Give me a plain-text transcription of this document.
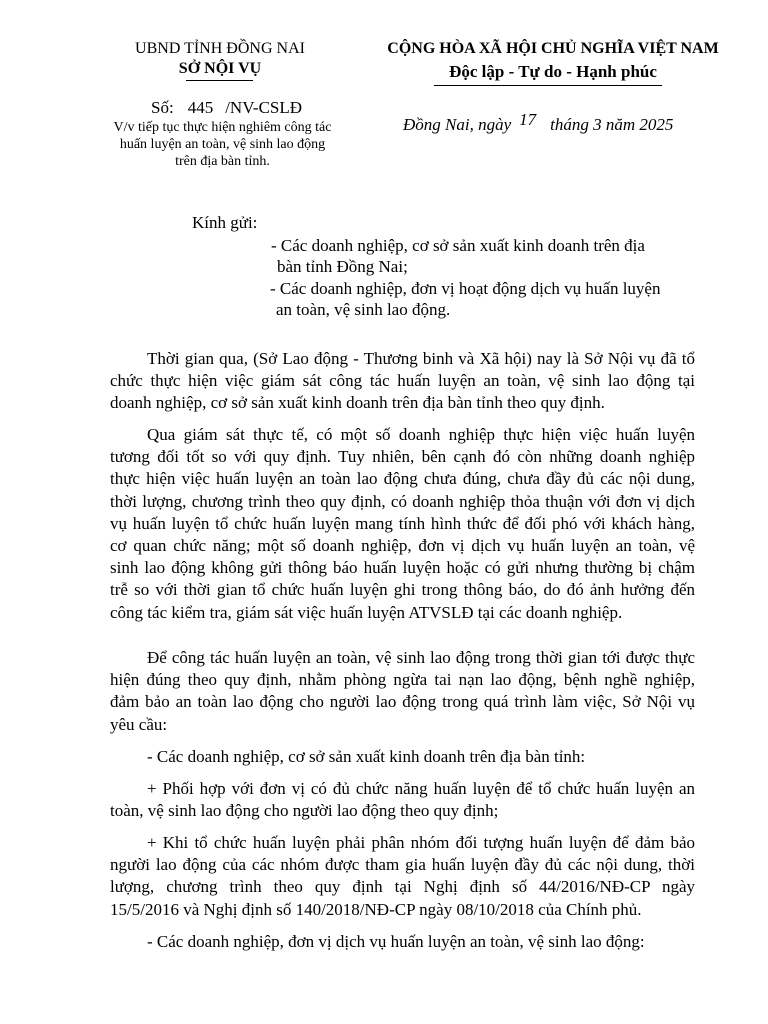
UBND TỈNH ĐỒNG NAI
SỞ NỘI VỤ
CỘNG HÒA XÃ HỘI CHỦ NGHĨA VIỆT NAM
Độc lập - Tự do - Hạnh phúc
Số: 445 /NV-CSLĐ
V/v tiếp tục thực hiện nghiêm công tác
huấn luyện an toàn, vệ sinh lao động
trên địa bàn tỉnh.
Đồng Nai, ngày 17 tháng 3 năm 2025
Kính gửi:
- Các doanh nghiệp, cơ sở sản xuất kinh doanh trên địa
bàn tỉnh Đồng Nai;
- Các doanh nghiệp, đơn vị hoạt động dịch vụ huấn luyện
an toàn, vệ sinh lao động.
Thời gian qua, (Sở Lao động - Thương binh và Xã hội) nay là Sở Nội vụ đã tổ
chức thực hiện việc giám sát công tác huấn luyện an toàn, vệ sinh lao động tại
doanh nghiệp, cơ sở sản xuất kinh doanh trên địa bàn tỉnh theo quy định.
Qua giám sát thực tế, có một số doanh nghiệp thực hiện việc huấn luyện
tương đối tốt so với quy định. Tuy nhiên, bên cạnh đó còn những doanh nghiệp
thực hiện việc huấn luyện an toàn lao động chưa đúng, chưa đầy đủ các nội dung,
thời lượng, chương trình theo quy định, có doanh nghiệp thỏa thuận với đơn vị dịch
vụ huấn luyện tổ chức huấn luyện mang tính hình thức để đối phó với khách hàng,
cơ quan chức năng; một số doanh nghiệp, đơn vị dịch vụ huấn luyện an toàn, vệ
sinh lao động không gửi thông báo huấn luyện hoặc có gửi nhưng thường bị chậm
trễ so với thời gian tổ chức huấn luyện ghi trong thông báo, do đó ảnh hưởng đến
công tác kiểm tra, giám sát việc huấn luyện ATVSLĐ tại các doanh nghiệp.
Để công tác huấn luyện an toàn, vệ sinh lao động trong thời gian tới được thực
hiện đúng theo quy định, nhằm phòng ngừa tai nạn lao động, bệnh nghề nghiệp,
đảm bảo an toàn lao động cho người lao động trong quá trình làm việc, Sở Nội vụ
yêu cầu:
- Các doanh nghiệp, cơ sở sản xuất kinh doanh trên địa bàn tỉnh:
+ Phối hợp với đơn vị có đủ chức năng huấn luyện để tổ chức huấn luyện an
toàn, vệ sinh lao động cho người lao động theo quy định;
+ Khi tổ chức huấn luyện phải phân nhóm đối tượng huấn luyện để đảm bảo
người lao động của các nhóm được tham gia huấn luyện đầy đủ các nội dung, thời
lượng, chương trình theo quy định tại Nghị định số 44/2016/NĐ-CP ngày
15/5/2016 và Nghị định số 140/2018/NĐ-CP ngày 08/10/2018 của Chính phủ.
- Các doanh nghiệp, đơn vị dịch vụ huấn luyện an toàn, vệ sinh lao động:
